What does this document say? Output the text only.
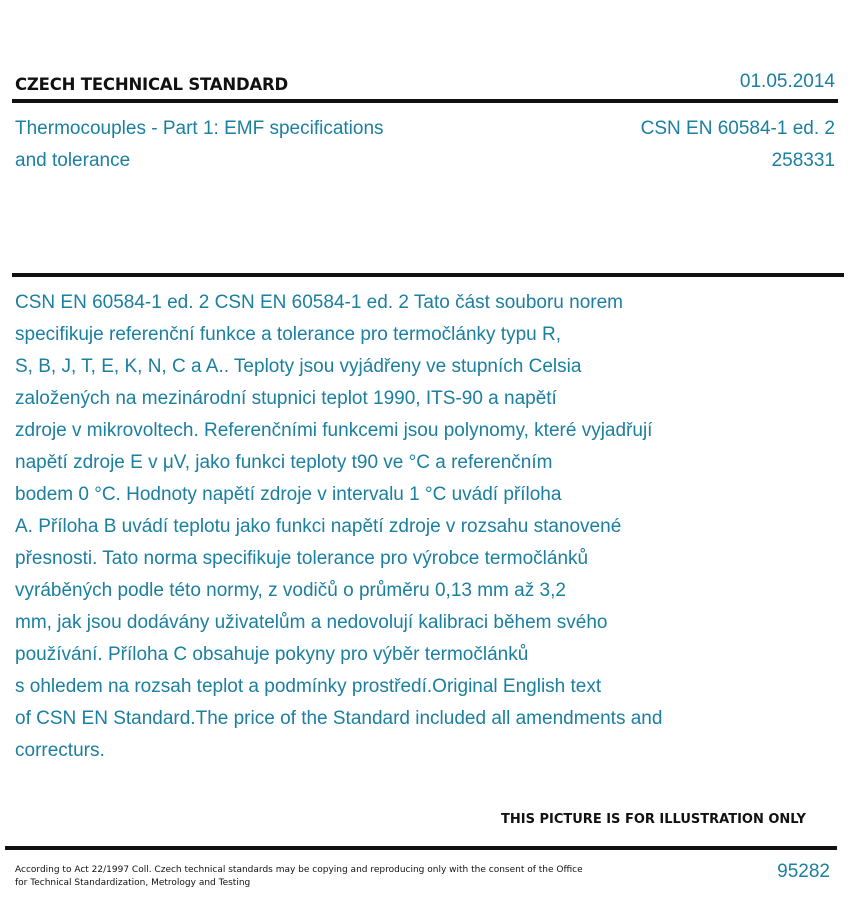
CZECH TECHNICAL STANDARD	01.05.2014
Thermocouples - Part 1: EMF specifications
and tolerance
CSN EN 60584-1 ed. 2
258331
CSN EN 60584-1 ed. 2 CSN EN 60584-1 ed. 2 Tato část souboru norem
specifikuje referenční funkce a tolerance pro termočlánky typu R,
S, B, J, T, E, K, N, C a A.. Teploty jsou vyjádřeny ve stupních Celsia
založených na mezinárodní stupnici teplot 1990, ITS-90 a napětí
zdroje v mikrovoltech. Referenčními funkcemi jsou polynomy, které vyjadřují
napětí zdroje E v μV, jako funkci teploty t90 ve °C a referenčním
bodem 0 °C. Hodnoty napětí zdroje v intervalu 1 °C uvádí příloha
A. Příloha B uvádí teplotu jako funkci napětí zdroje v rozsahu stanovené
přesnosti. Tato norma specifikuje tolerance pro výrobce termočlánků
vyráběných podle této normy, z vodičů o průměru 0,13 mm až 3,2
mm, jak jsou dodávány uživatelům a nedovolují kalibraci během svého
používání. Příloha C obsahuje pokyny pro výběr termočlánků
s ohledem na rozsah teplot a podmínky prostředí.Original English text
of CSN EN Standard.The price of the Standard included all amendments and
correcturs.
THIS PICTURE IS FOR ILLUSTRATION ONLY
According to Act 22/1997 Coll. Czech technical standards may be copying and reproducing only with the consent of the Office
for Technical Standardization, Metrology and Testing
95282
